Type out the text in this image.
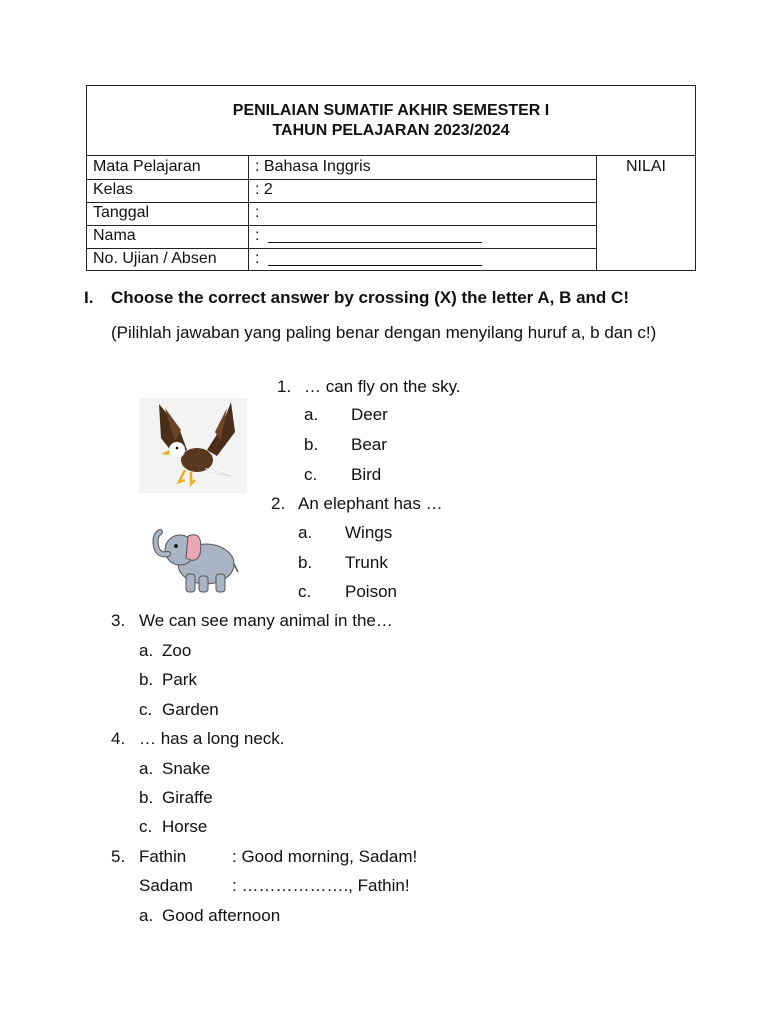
PENILAIAN SUMATIF AKHIR SEMESTER I
TAHUN PELAJARAN 2023/2024
Mata Pelajaran	: Bahasa Inggris
Kelas	: 2
Tanggal	:
Nama	:  ________________________
No. Ujian / Absen :  ________________________
NILAI
I. Choose the correct answer by crossing (X) the letter A, B and C!
(Pilihlah jawaban yang paling benar dengan menyilang huruf a, b dan c!)
1. … can fly on the sky.
a. Deer
b. Bear
c. Bird
2. An elephant has …
a. Wings
b. Trunk
c. Poison
3. We can see many animal in the…
a. Zoo
b. Park
c. Garden
4. … has a long neck.
a. Snake
b. Giraffe
c. Horse
5. Fathin	: Good morning, Sadam!
Sadam : ………………., Fathin!
a. Good afternoon
